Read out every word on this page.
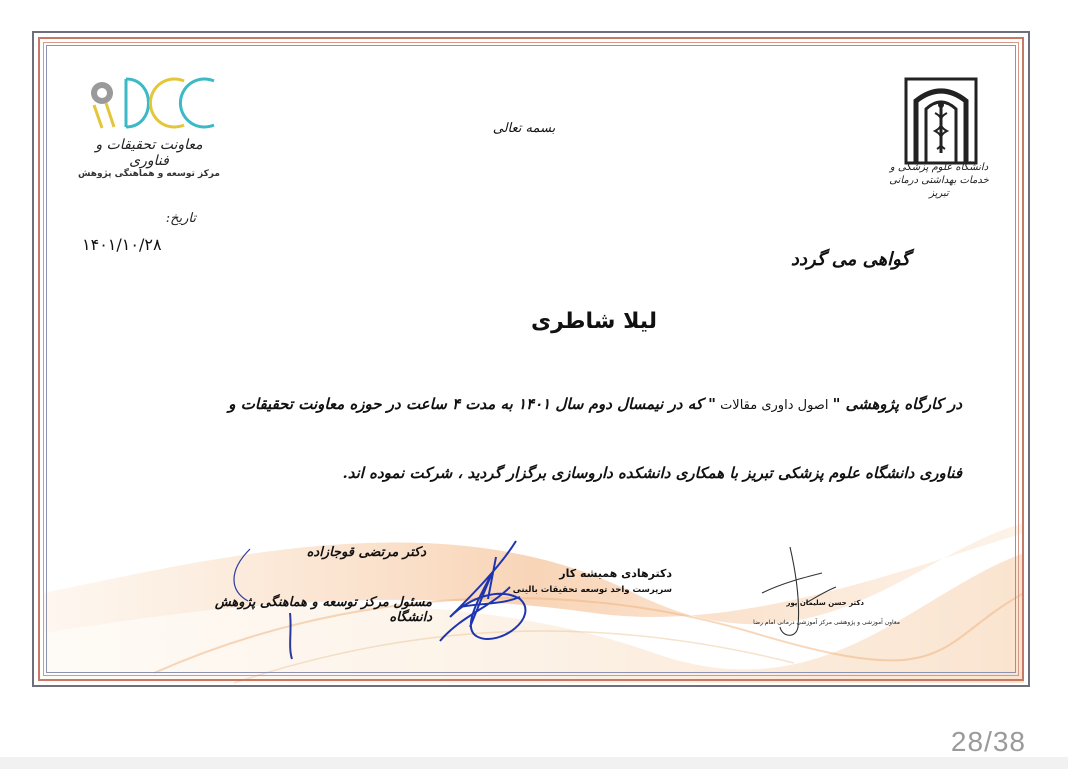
معاونت تحقیقات و فناوری
مرکز توسعه و هماهنگی پژوهش
دانشگاه علوم پزشکی و خدمات بهداشتی درمانی تبریز
بسمه تعالی
تاریخ:
۱۴۰۱/۱۰/۲۸
گواهی می گردد
لیلا شاطری
در کارگاه پژوهشی " اصول داوری مقالات " که در نیمسال دوم سال ۱۴۰۱ به مدت ۴ ساعت در حوزه معاونت تحقیقات و
فناوری دانشگاه علوم پزشکی تبریز با همکاری دانشکده داروسازی برگزار گردید ، شرکت نموده اند.
دکتر مرتضی قوجازاده
مسئول مرکز توسعه و هماهنگی پژوهش دانشگاه
دکترهادی همیشه کار
سرپرست واحد توسعه تحقیقات بالینی
دکتر حسن سلیمان پور
معاون آموزشی و پژوهشی مرکز آموزشی درمانی امام رضا
28/38
